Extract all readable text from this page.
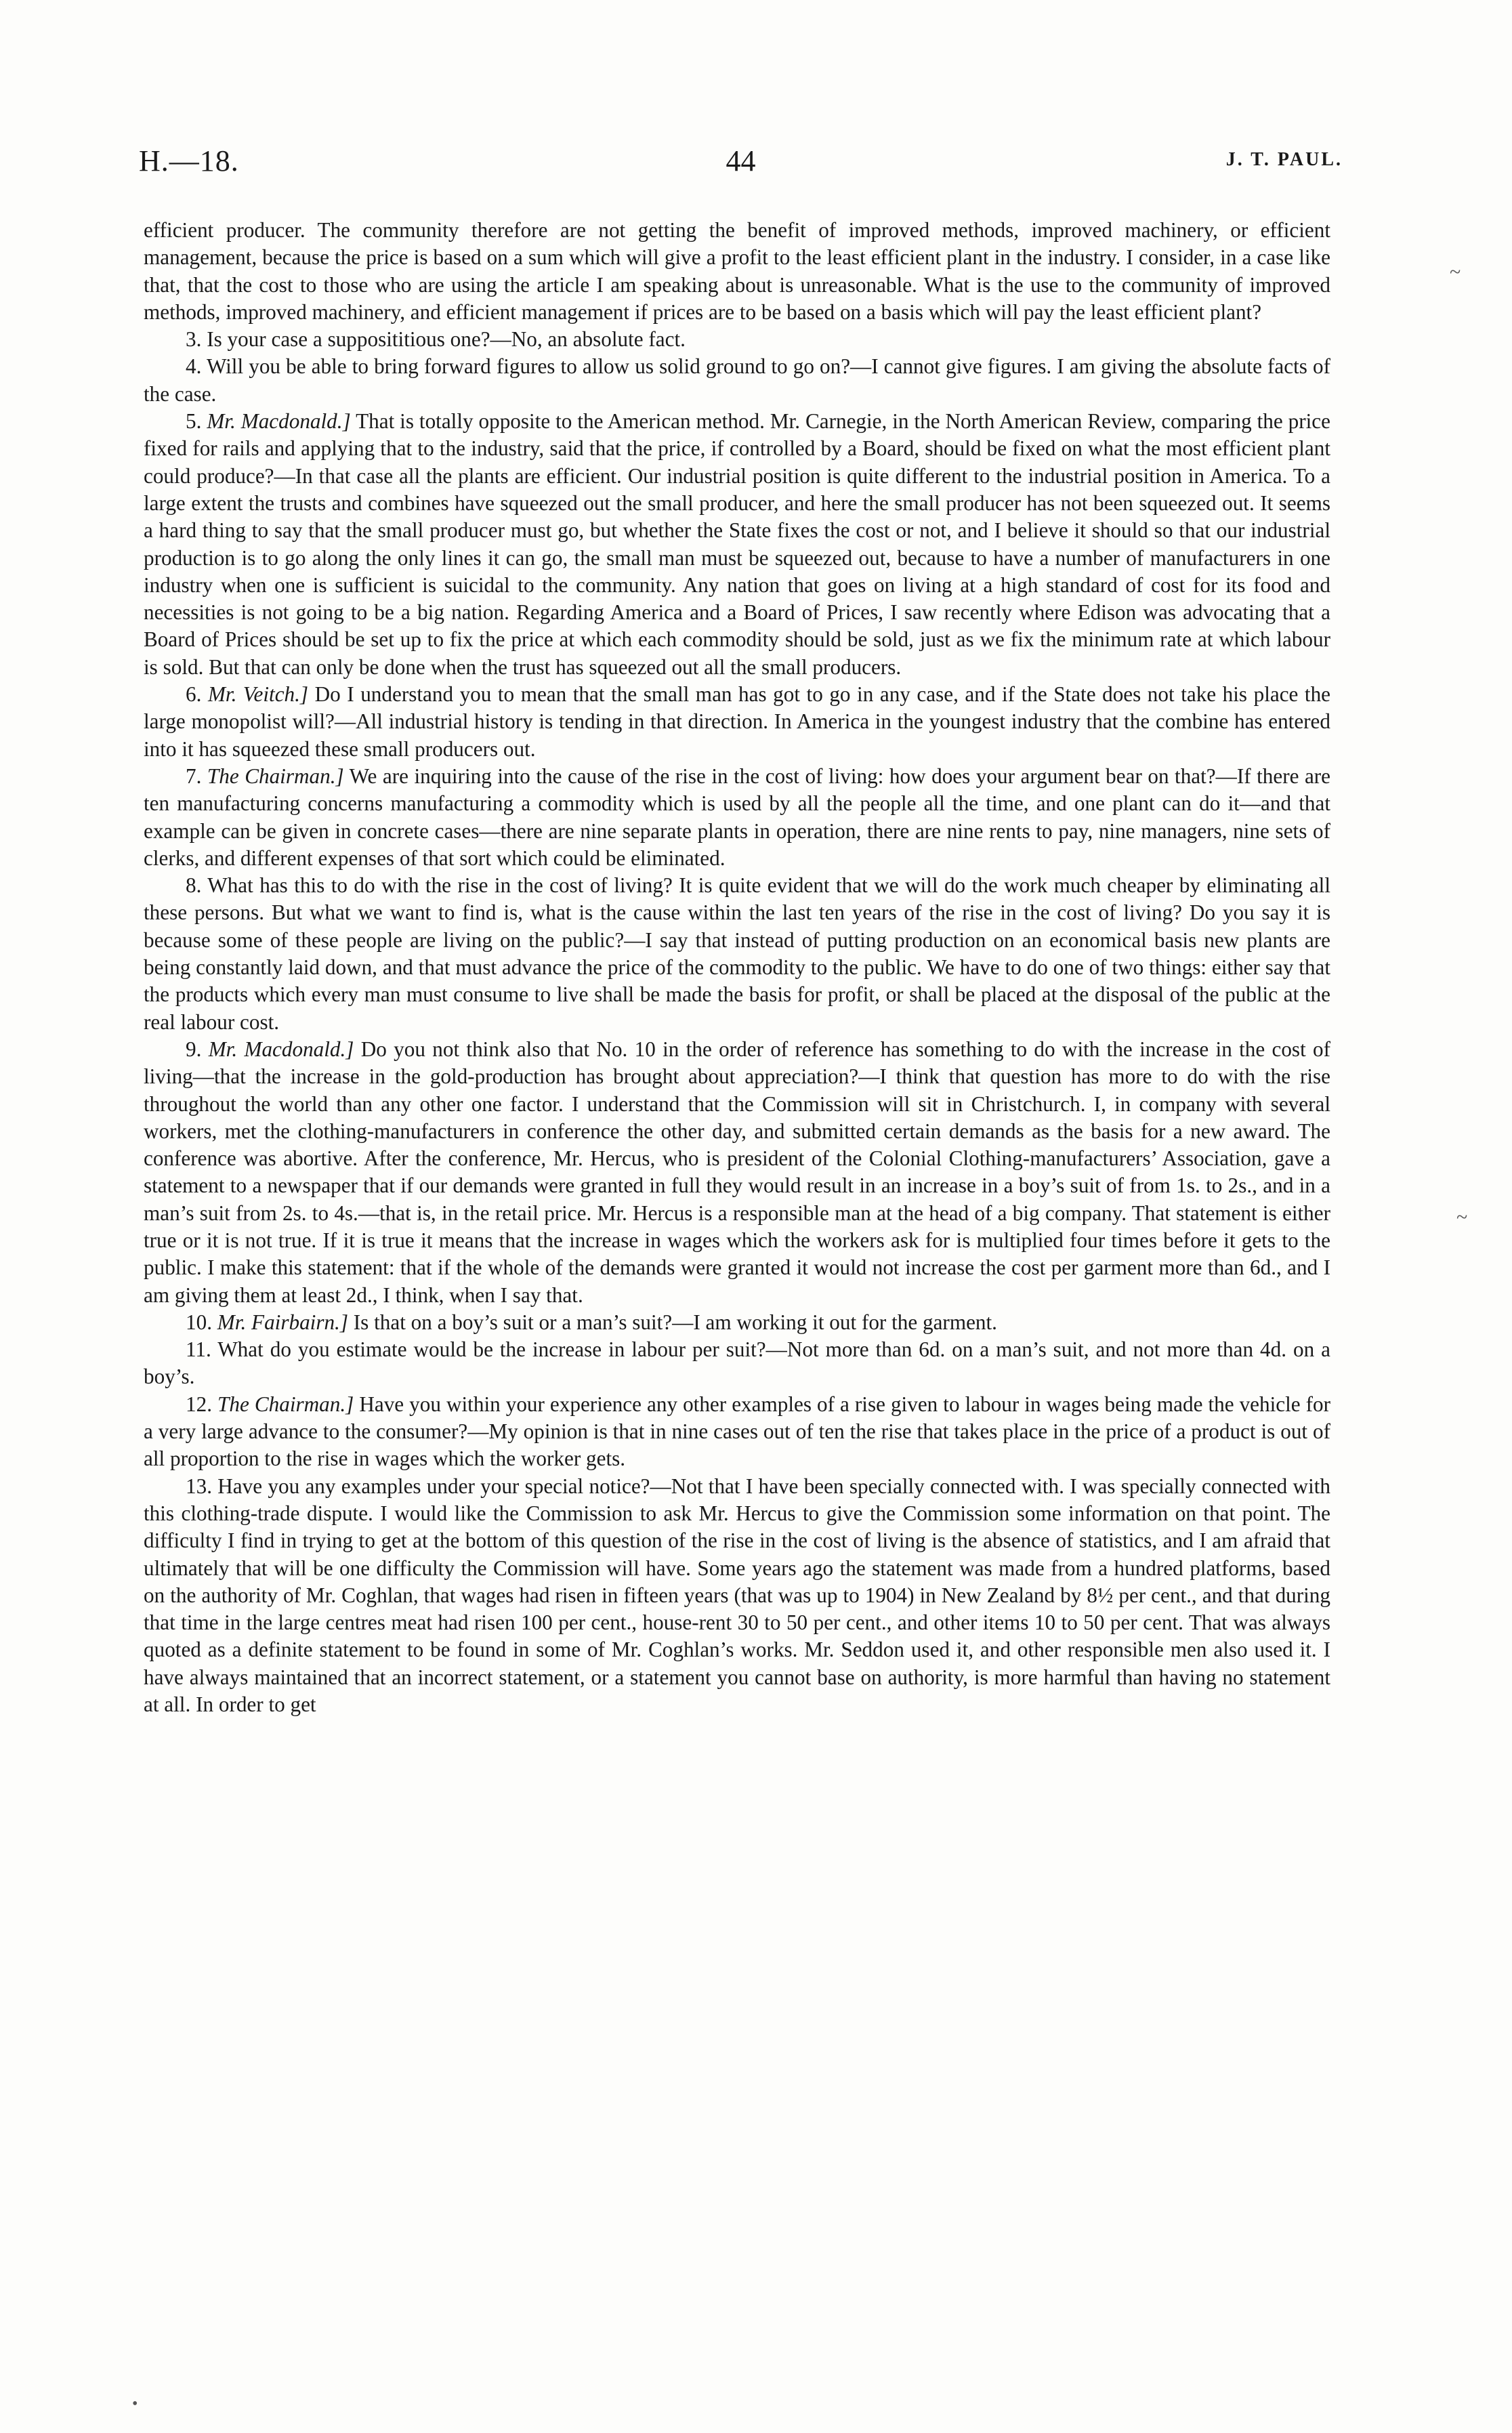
H.—18.	44	J. T. PAUL.

efficient producer. The community therefore are not getting the benefit of improved methods, improved machinery, or efficient management, because the price is based on a sum which will give a profit to the least efficient plant in the industry. I consider, in a case like that, that the cost to those who are using the article I am speaking about is unreasonable. What is the use to the community of improved methods, improved machinery, and efficient management if prices are to be based on a basis which will pay the least efficient plant?

3. Is your case a supposititious one?—No, an absolute fact.

4. Will you be able to bring forward figures to allow us solid ground to go on?—I cannot give figures. I am giving the absolute facts of the case.

5. Mr. Macdonald.] That is totally opposite to the American method. Mr. Carnegie, in the North American Review, comparing the price fixed for rails and applying that to the industry, said that the price, if controlled by a Board, should be fixed on what the most efficient plant could produce?—In that case all the plants are efficient. Our industrial position is quite different to the industrial position in America. To a large extent the trusts and combines have squeezed out the small producer, and here the small producer has not been squeezed out. It seems a hard thing to say that the small producer must go, but whether the State fixes the cost or not, and I believe it should so that our industrial production is to go along the only lines it can go, the small man must be squeezed out, because to have a number of manufacturers in one industry when one is sufficient is suicidal to the community. Any nation that goes on living at a high standard of cost for its food and necessities is not going to be a big nation. Regarding America and a Board of Prices, I saw recently where Edison was advocating that a Board of Prices should be set up to fix the price at which each commodity should be sold, just as we fix the minimum rate at which labour is sold. But that can only be done when the trust has squeezed out all the small producers.

6. Mr. Veitch.] Do I understand you to mean that the small man has got to go in any case, and if the State does not take his place the large monopolist will?—All industrial history is tending in that direction. In America in the youngest industry that the combine has entered into it has squeezed these small producers out.

7. The Chairman.] We are inquiring into the cause of the rise in the cost of living: how does your argument bear on that?—If there are ten manufacturing concerns manufacturing a commodity which is used by all the people all the time, and one plant can do it—and that example can be given in concrete cases—there are nine separate plants in operation, there are nine rents to pay, nine managers, nine sets of clerks, and different expenses of that sort which could be eliminated.

8. What has this to do with the rise in the cost of living? It is quite evident that we will do the work much cheaper by eliminating all these persons. But what we want to find is, what is the cause within the last ten years of the rise in the cost of living? Do you say it is because some of these people are living on the public?—I say that instead of putting production on an economical basis new plants are being constantly laid down, and that must advance the price of the commodity to the public. We have to do one of two things: either say that the products which every man must consume to live shall be made the basis for profit, or shall be placed at the disposal of the public at the real labour cost.

9. Mr. Macdonald.] Do you not think also that No. 10 in the order of reference has something to do with the increase in the cost of living—that the increase in the gold-production has brought about appreciation?—I think that question has more to do with the rise throughout the world than any other one factor. I understand that the Commission will sit in Christchurch. I, in company with several workers, met the clothing-manufacturers in conference the other day, and submitted certain demands as the basis for a new award. The conference was abortive. After the conference, Mr. Hercus, who is president of the Colonial Clothing-manufacturers’ Association, gave a statement to a newspaper that if our demands were granted in full they would result in an increase in a boy’s suit of from 1s. to 2s., and in a man’s suit from 2s. to 4s.—that is, in the retail price. Mr. Hercus is a responsible man at the head of a big company. That statement is either true or it is not true. If it is true it means that the increase in wages which the workers ask for is multiplied four times before it gets to the public. I make this statement: that if the whole of the demands were granted it would not increase the cost per garment more than 6d., and I am giving them at least 2d., I think, when I say that.

10. Mr. Fairbairn.] Is that on a boy’s suit or a man’s suit?—I am working it out for the garment.

11. What do you estimate would be the increase in labour per suit?—Not more than 6d. on a man’s suit, and not more than 4d. on a boy’s.

12. The Chairman.] Have you within your experience any other examples of a rise given to labour in wages being made the vehicle for a very large advance to the consumer?—My opinion is that in nine cases out of ten the rise that takes place in the price of a product is out of all proportion to the rise in wages which the worker gets.

13. Have you any examples under your special notice?—Not that I have been specially connected with. I was specially connected with this clothing-trade dispute. I would like the Commission to ask Mr. Hercus to give the Commission some information on that point. The difficulty I find in trying to get at the bottom of this question of the rise in the cost of living is the absence of statistics, and I am afraid that ultimately that will be one difficulty the Commission will have. Some years ago the statement was made from a hundred platforms, based on the authority of Mr. Coghlan, that wages had risen in fifteen years (that was up to 1904) in New Zealand by 8½ per cent., and that during that time in the large centres meat had risen 100 per cent., house-rent 30 to 50 per cent., and other items 10 to 50 per cent. That was always quoted as a definite statement to be found in some of Mr. Coghlan’s works. Mr. Seddon used it, and other responsible men also used it. I have always maintained that an incorrect statement, or a statement you cannot base on authority, is more harmful than having no statement at all. In order to get

~
~
•
